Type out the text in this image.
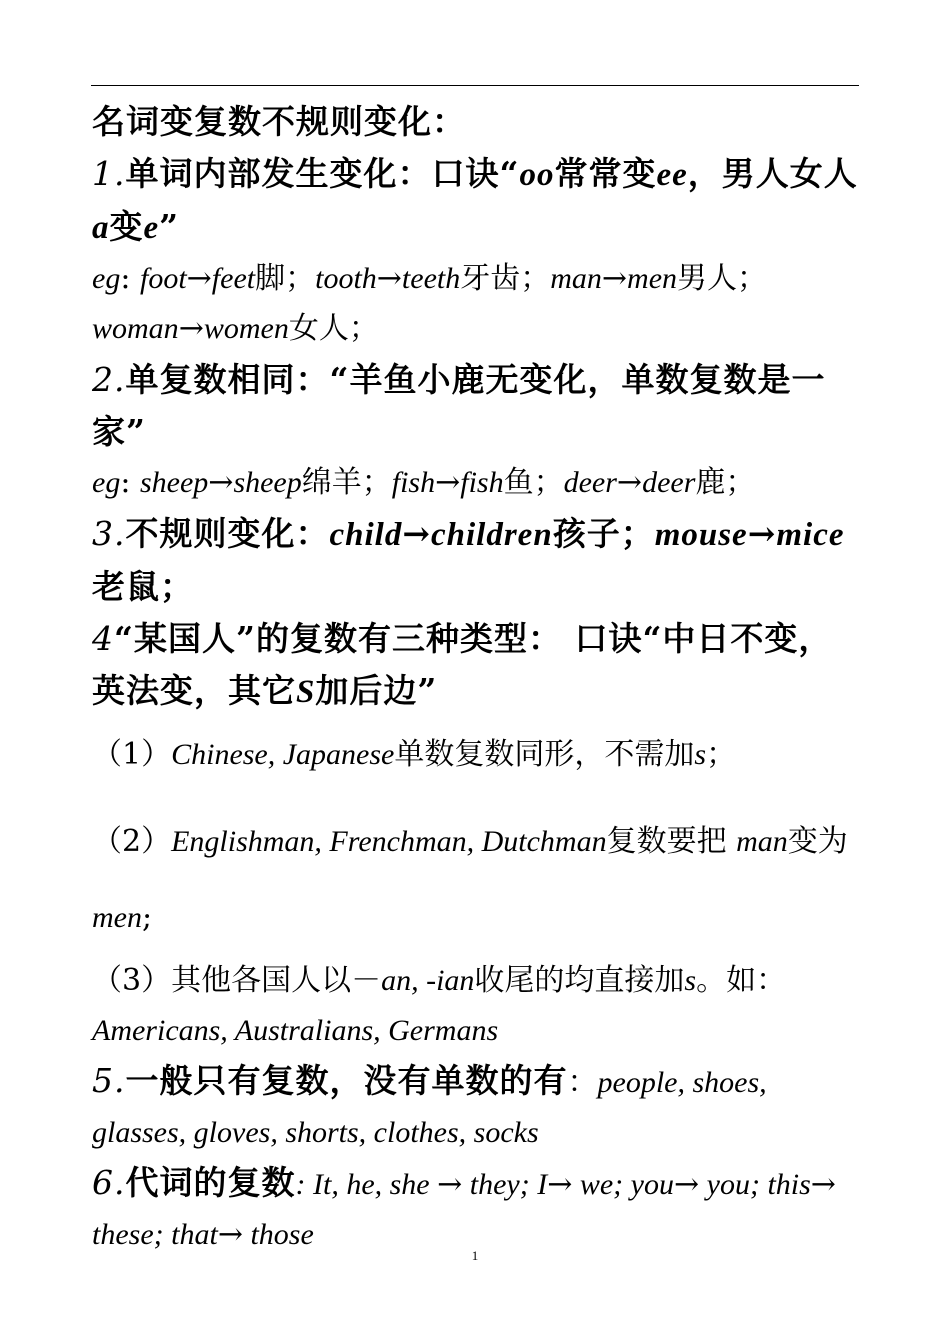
名词变复数不规则变化：
1.单词内部发生变化：口诀“oo常常变ee，男人女人a变e”
eg: foot→feet脚；tooth→teeth牙齿；man→men男人； woman→women女人；
2.单复数相同：“羊鱼小鹿无变化，单数复数是一家”
eg: sheep→sheep绵羊；fish→fish鱼；deer→deer鹿；
3.不规则变化：child→children孩子；mouse→mice老鼠；
4“某国人”的复数有三种类型： 口诀“中日不变，英法变，其它S加后边”
（1）Chinese, Japanese单数复数同形，不需加s；
（2）Englishman, Frenchman, Dutchman复数要把 man变为men;
（3）其他各国人以－an, -ian收尾的均直接加s。如：Americans, Australians, Germans
5.一般只有复数，没有单数的有：people, shoes, glasses, gloves, shorts, clothes, socks
6.代词的复数: It, he, she → they; I→ we; you→ you; this→ these; that→ those
1
